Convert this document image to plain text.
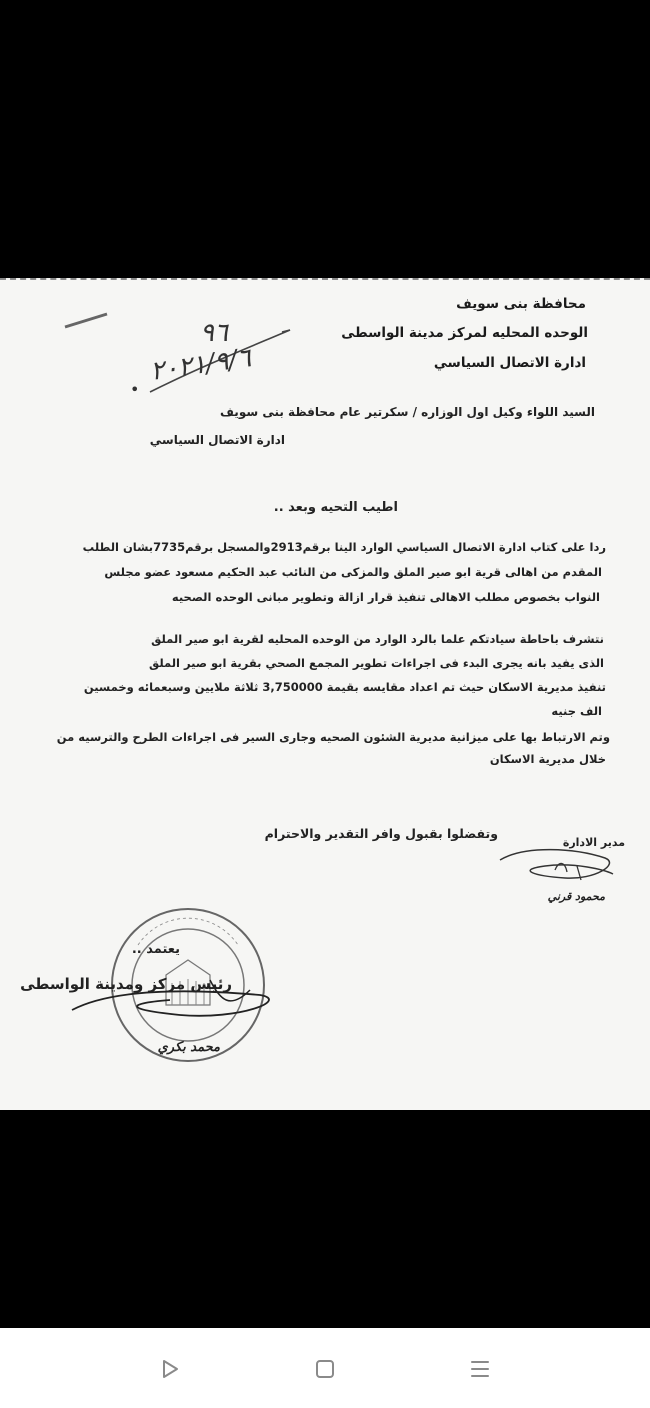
محافظة بنى سويف
الوحده المحليه لمركز مدينة الواسطى
ادارة الاتصال السياسي
٩٦
٢٠٢١/٩/٦
•
السيد اللواء وكيل اول الوزاره / سكرتير عام محافظة بنى سويف
ادارة الاتصال السياسي
اطيب التحيه وبعد ..
ردا على كتاب ادارة الاتصال السياسي الوارد الينا برقم2913والمسجل برقم7735بشان الطلب
المقدم من اهالى قرية ابو صير الملق والمزكى من النائب عبد الحكيم مسعود عضو مجلس
النواب بخصوص مطلب الاهالى تنفيذ قرار ازالة وتطوير مبانى الوحده الصحيه
نتشرف باحاطة سيادتكم علما بالرد الوارد من الوحده المحليه لقرية ابو صير الملق
الذى يفيد بانه يجرى البدء فى اجراءات تطوير المجمع الصحي بقرية ابو صير الملق
تنفيذ مديرية الاسكان حيث تم اعداد مقايسه بقيمة 3,750000 ثلاثة ملايين وسبعمائه وخمسين
الف جنيه
وتم الارتباط بها على ميزانية مديرية الشئون الصحيه وجارى السير فى اجراءات الطرح والترسيه من
خلال مديرية الاسكان
وتفضلوا بقبول وافر التقدير والاحترام
مدير الادارة
محمود قرني
يعتمد ..
رئيس مركز ومدينة الواسطى
محمد بكري
